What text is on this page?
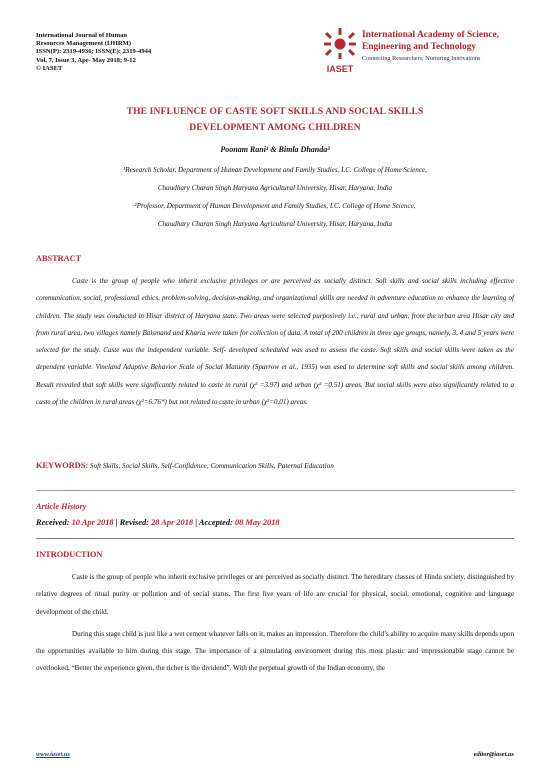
International Journal of Human
Resources Management (IJHRM)
ISSN(P): 2319-4936; ISSN(E): 2319-4944
Vol. 7, Issue 3, Apr- May 2018; 9-12
© IASET	IASET
International Academy of Science,
Engineering and Technology
Connecting Researchers; Nurturing Innovations
THE INFLUENCE OF CASTE SOFT SKILLS AND SOCIAL SKILLS
DEVELOPMENT AMONG CHILDREN
Poonam Rani¹ & Bimla Dhanda²
¹Research Scholar, Department of Human Development and Family Studies, I.C. College of Home Science,
Chaudhary Charan Singh Haryana Agricultural University, Hisar, Haryana, India
²Professor, Department of Human Development and Family Studies, I.C. College of Home Science,
Chaudhary Charan Singh Haryana Agricultural University, Hisar, Haryana, India
ABSTRACT

Caste is the group of people who inherit exclusive privileges or are perceived as socially distinct. Soft skills and social skills including effective communication, social, professional ethics, problem-solving, decision-making, and organizational skills are needed in adventure education to enhance the learning of children. The study was conducted in Hisar district of Haryana state. Two areas were selected purposively i.e., rural and urban, from the urban area Hisar city and from rural area, two villages namely Balsmand and Kharia were taken for collection of data. A total of 200 children in three age groups, namely, 3, 4 and 5 years were selected for the study. Caste was the independent variable. Self- developed scheduled was used to assess the caste. Soft skills and social skills were taken as the dependent variable. Vineland Adaptive Behavior Scale of Social Maturity (Sparrow et al., 1935) was used to determine soft skills and social skills among children. Result revealed that soft skills were significantly related to caste in rural (χ² =3.97) and urban (χ² =0.51) areas. But social skills were also significantly related to a caste of the children in rural areas (χ²=6.76*) but not related to caste in urban (χ²=0.01) areas.

KEYWORDS: Soft Skills, Social Skills, Self-Confidence, Communication Skills, Paternal Education
Article History
Received: 10 Apr 2018 | Revised: 28 Apr 2018 | Accepted: 08 May 2018
INTRODUCTION

Caste is the group of people who inherit exclusive privileges or are perceived as socially distinct. The hereditary classes of Hindu society, distinguished by relative degrees of ritual purity or pollution and of social status. The first five years of life are crucial for physical, social, emotional, cognitive and language development of the child.

During this stage child is just like a wet cement whatever falls on it, makes an impression. Therefore the child’s ability to acquire many skills depends upon the opportunities available to him during this stage. The importance of a stimulating environment during this most plastic and impressionable stage cannot be overlooked. “Better the experience given, the richer is the dividend”. With the perpetual growth of the Indian economy, the

www.iaset.us	editor@iaset.us
